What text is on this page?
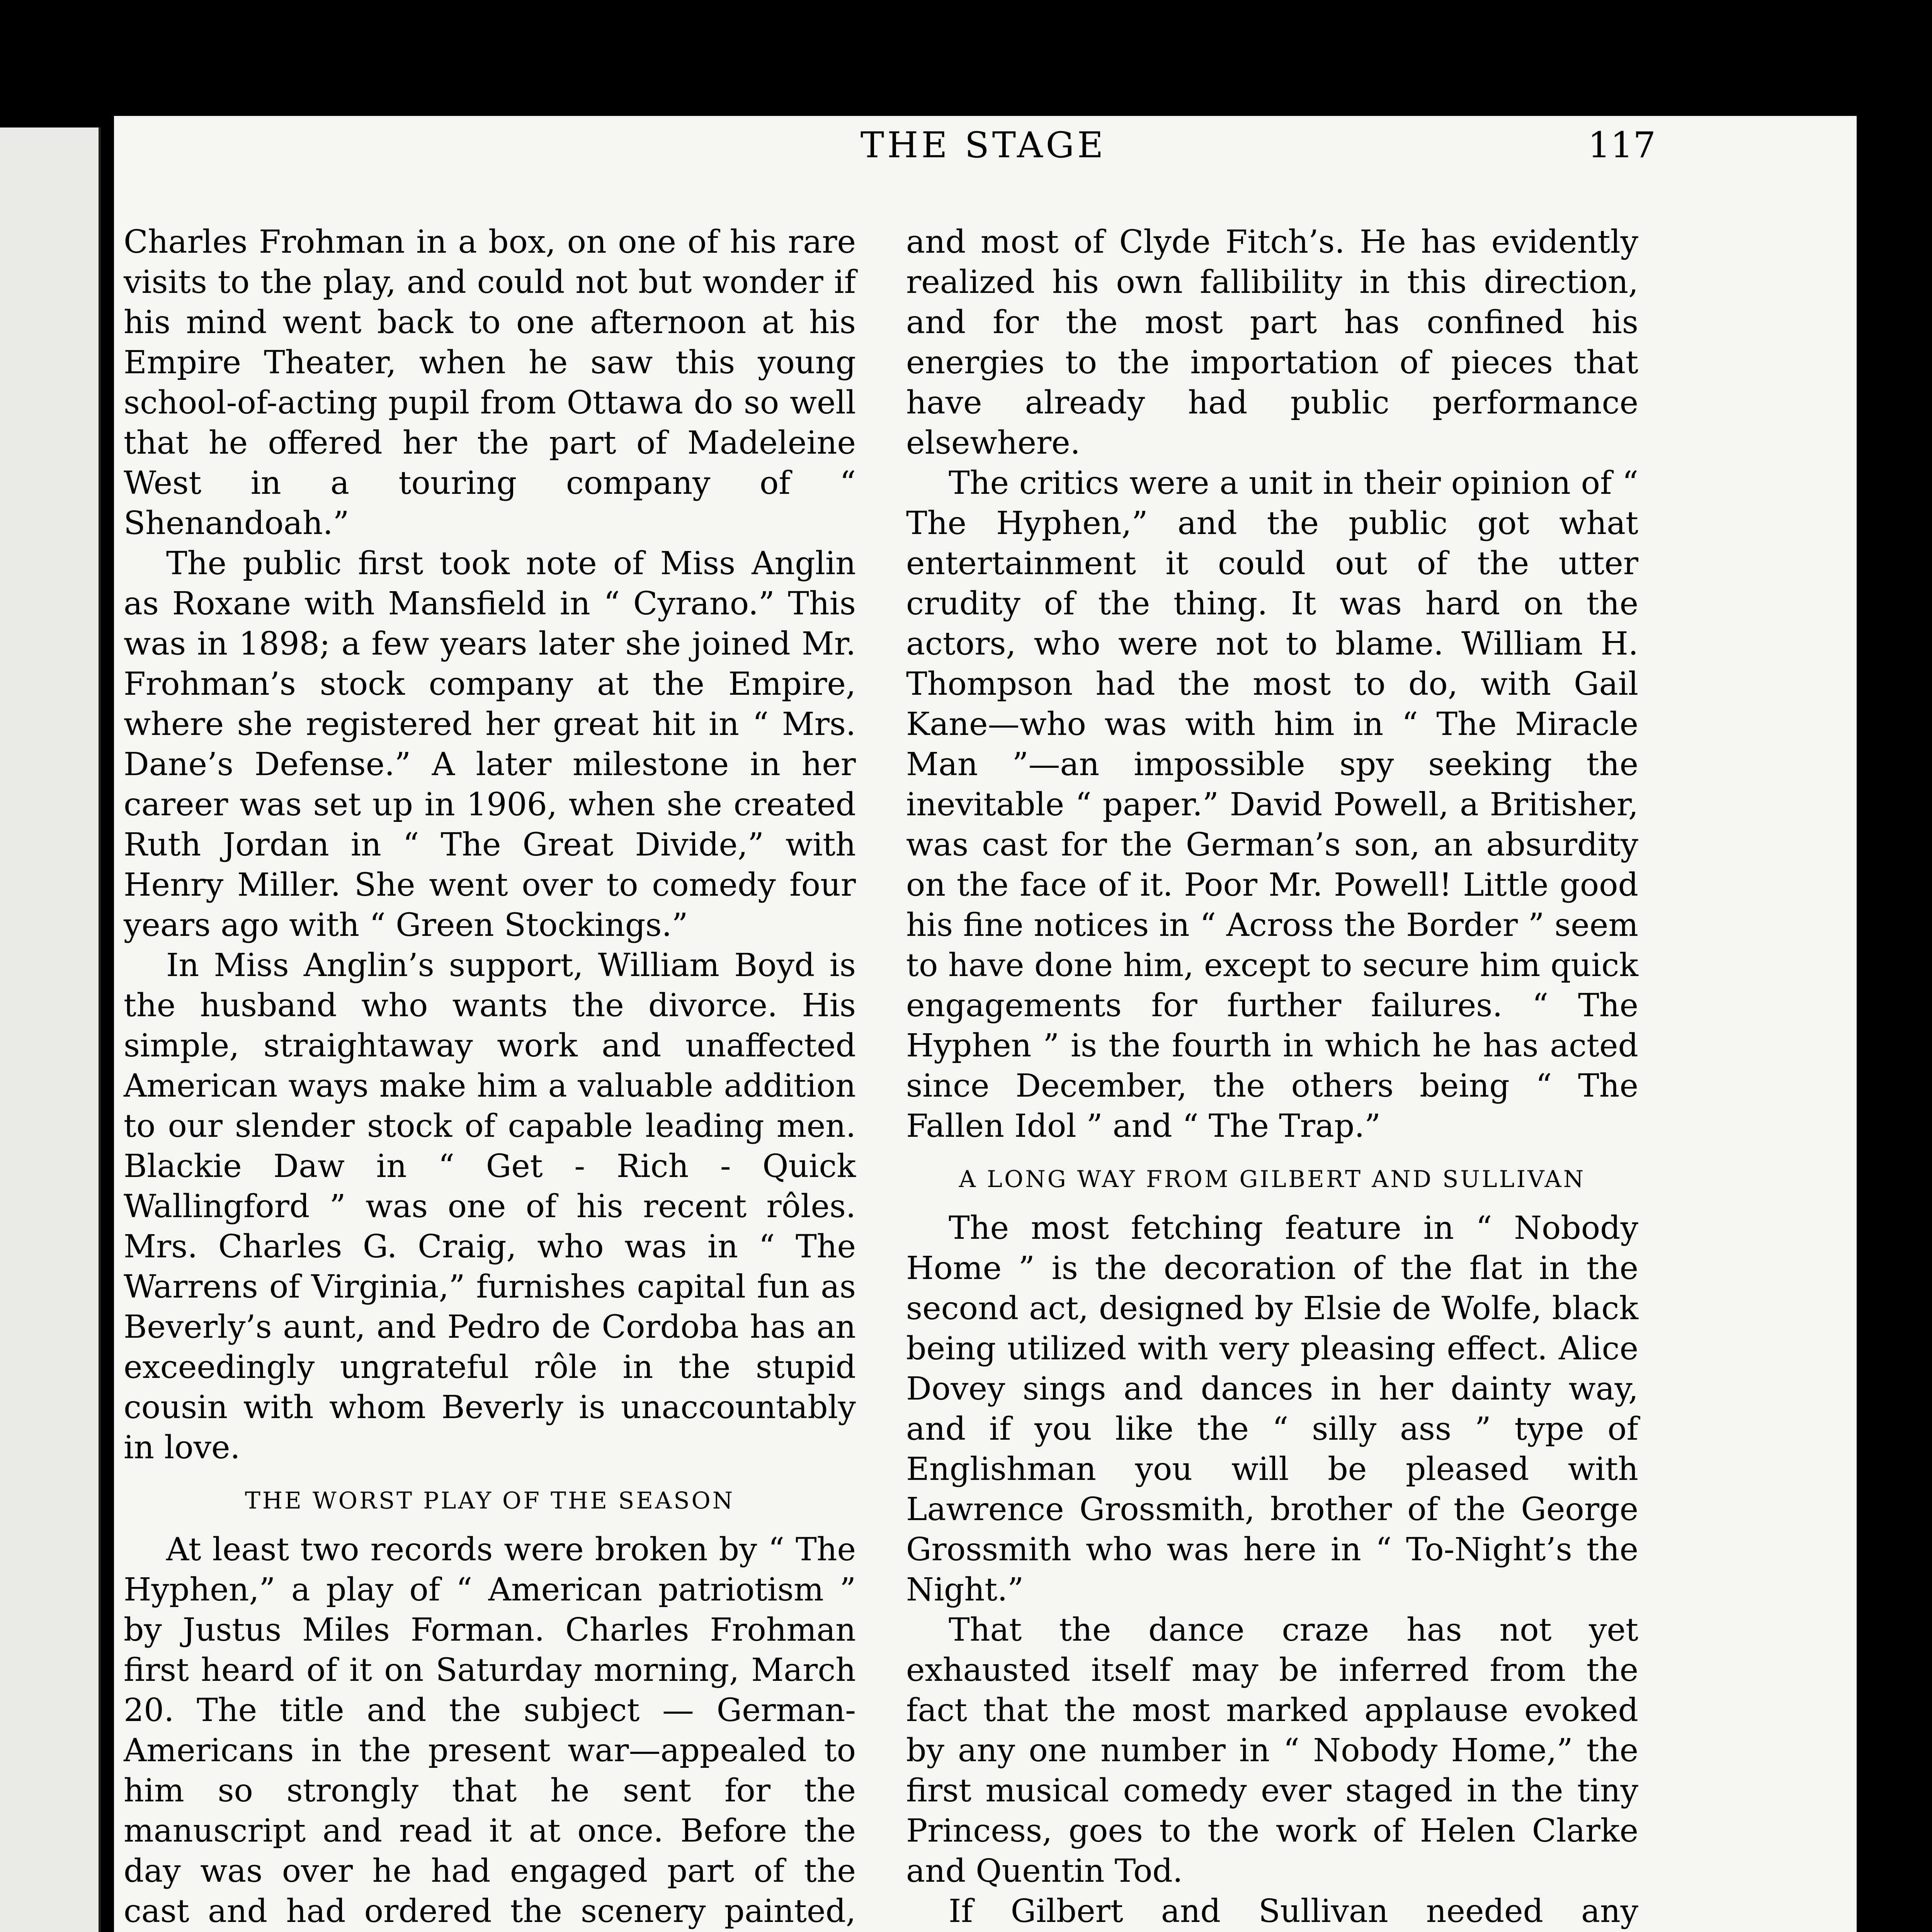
THE STAGE	117

Charles Frohman in a box, on one of his rare visits to the play, and could not but wonder if his mind went back to one afternoon at his Empire Theater, when he saw this young school-of-acting pupil from Ottawa do so well that he offered her the part of Madeleine West in a touring company of “ Shenandoah.”

The public first took note of Miss Anglin as Roxane with Mansfield in “ Cyrano.” This was in 1898; a few years later she joined Mr. Frohman’s stock company at the Empire, where she registered her great hit in “ Mrs. Dane’s Defense.” A later milestone in her career was set up in 1906, when she created Ruth Jordan in “ The Great Divide,” with Henry Miller. She went over to comedy four years ago with “ Green Stockings.”

In Miss Anglin’s support, William Boyd is the husband who wants the divorce. His simple, straightaway work and unaffected American ways make him a valuable addition to our slender stock of capable leading men. Blackie Daw in “ Get - Rich - Quick Wallingford ” was one of his recent rôles. Mrs. Charles G. Craig, who was in “ The Warrens of Virginia,” furnishes capital fun as Beverly’s aunt, and Pedro de Cordoba has an exceedingly ungrateful rôle in the stupid cousin with whom Beverly is unaccountably in love.

THE WORST PLAY OF THE SEASON

At least two records were broken by “ The Hyphen,” a play of “ American patriotism ” by Justus Miles Forman. Charles Frohman first heard of it on Saturday morning, March 20. The title and the subject — German-Americans in the present war—appealed to him so strongly that he sent for the manuscript and read it at once. Before the day was over he had engaged part of the cast and had ordered the scenery painted,

and most of Clyde Fitch’s. He has evidently realized his own fallibility in this direction, and for the most part has confined his energies to the importation of pieces that have already had public performance elsewhere.

The critics were a unit in their opinion of “ The Hyphen,” and the public got what entertainment it could out of the utter crudity of the thing. It was hard on the actors, who were not to blame. William H. Thompson had the most to do, with Gail Kane—who was with him in “ The Miracle Man ”—an impossible spy seeking the inevitable “ paper.” David Powell, a Britisher, was cast for the German’s son, an absurdity on the face of it. Poor Mr. Powell! Little good his fine notices in “ Across the Border ” seem to have done him, except to secure him quick engagements for further failures. “ The Hyphen ” is the fourth in which he has acted since December, the others being “ The Fallen Idol ” and “ The Trap.”

A LONG WAY FROM GILBERT AND SULLIVAN

The most fetching feature in “ Nobody Home ” is the decoration of the flat in the second act, designed by Elsie de Wolfe, black being utilized with very pleasing effect. Alice Dovey sings and dances in her dainty way, and if you like the “ silly ass ” type of Englishman you will be pleased with Lawrence Grossmith, brother of the George Grossmith who was here in “ To-Night’s the Night.”

That the dance craze has not yet exhausted itself may be inferred from the fact that the most marked applause evoked by any one number in “ Nobody Home,” the first musical comedy ever staged in the tiny Princess, goes to the work of Helen Clarke and Quentin Tod.

If Gilbert and Sullivan needed any
